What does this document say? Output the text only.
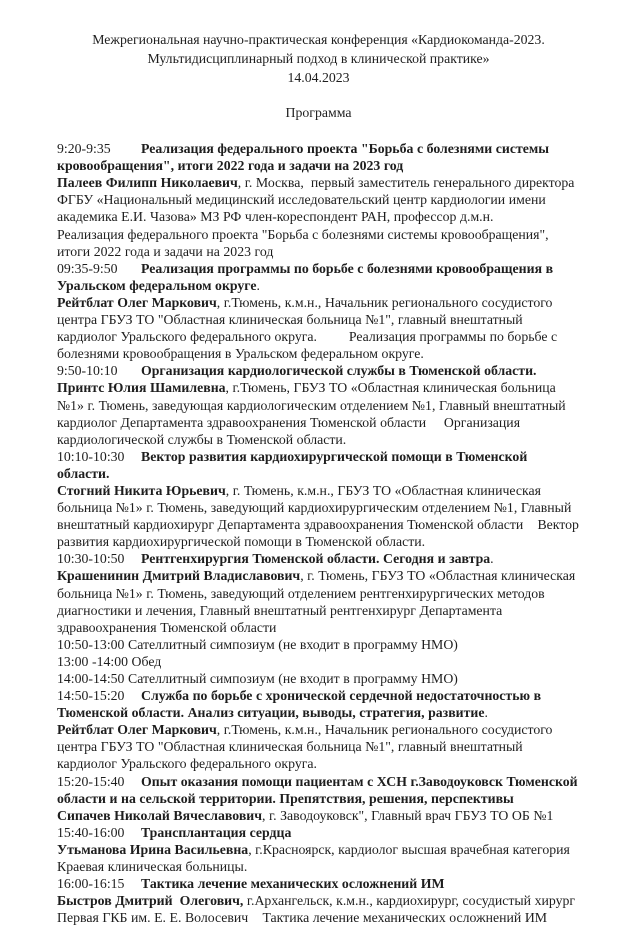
Межрегиональная научно-практическая конференция «Кардиокоманда-2023.

Мультидисциплинарный подход в клинической практике»

14.04.2023

Программа

9:20-9:35 Реализация федерального проекта "Борьба с болезнями системы кровообращения", итоги 2022 года и задачи на 2023 год

Палеев Филипп Николаевич, г. Москва,  первый заместитель генерального директора ФГБУ «Национальный медицинский исследовательский центр кардиологии имени академика Е.И. Чазова» МЗ РФ член-кореспондент РАН, профессор д.м.н.      Реализация федерального проекта "Борьба с болезнями системы кровообращения", итоги 2022 года и задачи на 2023 год

09:35-9:50 Реализация программы по борьбе с болезнями кровообращения в Уральском федеральном округе.

Рейтблат Олег Маркович, г.Тюмень, к.м.н., Начальник регионального сосудистого центра ГБУЗ ТО "Областная клиническая больница №1", главный внештатный кардиолог Уральского федерального округа.         Реализация программы по борьбе с болезнями кровообращения в Уральском федеральном округе.

9:50-10:10 Организация кардиологической службы в Тюменской области.

Принтс Юлия Шамилевна, г.Тюмень, ГБУЗ ТО «Областная клиническая больница №1» г. Тюмень, заведующая кардиологическим отделением №1, Главный внештатный кардиолог Департамента здравоохранения Тюменской области     Организация кардиологической службы в Тюменской области.

10:10-10:30 Вектор развития кардиохирургической помощи в Тюменской области.

Стогний Никита Юрьевич, г. Тюмень, к.м.н., ГБУЗ ТО «Областная клиническая больница №1» г. Тюмень, заведующий кардиохирургическим отделением №1, Главный внештатный кардиохирург Департамента здравоохранения Тюменской области    Вектор развития кардиохирургической помощи в Тюменской области.

10:30-10:50 Рентгенхирургия Тюменской области. Сегодня и завтра.

Крашенинин Дмитрий Владиславович, г. Тюмень, ГБУЗ ТО «Областная клиническая больница №1» г. Тюмень, заведующий отделением рентгенхирургических методов диагностики и лечения, Главный внештатный рентгенхирург Департамента здравоохранения Тюменской области

10:50-13:00 Сателлитный симпозиум (не входит в программу НМО)

13:00 -14:00 Обед

14:00-14:50 Сателлитный симпозиум (не входит в программу НМО)

14:50-15:20 Служба по борьбе с хронической сердечной недостаточностью в Тюменской области. Анализ ситуации, выводы, стратегия, развитие.

Рейтблат Олег Маркович, г.Тюмень, к.м.н., Начальник регионального сосудистого центра ГБУЗ ТО "Областная клиническая больница №1", главный внештатный кардиолог Уральского федерального округа.

15:20-15:40 Опыт оказания помощи пациентам с ХСН г.Заводоуковск Тюменской области и на сельской территории. Препятствия, решения, перспективы

Сипачев Николай Вячеславович, г. Заводоуковск", Главный врач ГБУЗ ТО ОБ №1

15:40-16:00 Трансплантация сердца

Утьманова Ирина Васильевна, г.Красноярск, кардиолог высшая врачебная категория Краевая клиническая больницы.

16:00-16:15 Тактика лечение механических осложнений ИМ

Быстров Дмитрий  Олегович, г.Архангельск, к.м.н., кардиохирург, сосудистый хирург Первая ГКБ им. Е. Е. Волосевич    Тактика лечение механических осложнений ИМ
